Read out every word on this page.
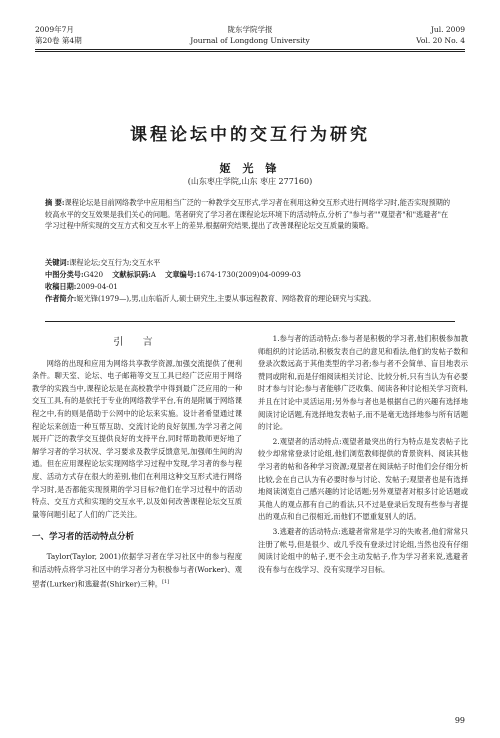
2009年7月
第20卷 第4期
陇东学院学报
Journal of Longdong University
Jul. 2009
Vol. 20 No. 4
课程论坛中的交互行为研究
姬 光 锋
(山东枣庄学院,山东 枣庄 277160)
摘 要:课程论坛是目前网络教学中应用相当广泛的一种教学交互形式,学习者在利用这种交互形式进行网络学习时,能否实现预期的较高水平的交互效果是我们关心的问题。笔者研究了学习者在课程论坛环境下的活动特点,分析了"参与者""观望者"和"逃避者"在学习过程中所实现的交互方式和交互水平上的差异,根据研究结果,提出了改善课程论坛交互质量的策略。
关键词:课程论坛;交互行为;交互水平
中图分类号:G420 文献标识码:A 文章编号:1674-1730(2009)04-0099-03
收稿日期:2009-04-01
作者简介:姬光锋(1979—),男,山东临沂人,硕士研究生,主要从事远程教育、网络教育的理论研究与实践。
引 言

网络的出现和应用为网络共享教学资源,加强交流提供了便利条件。聊天室、论坛、电子邮箱等交互工具已经广泛应用于网络教学的实践当中,课程论坛是在高校教学中得到最广泛应用的一种交互工具,有的是依托于专业的网络教学平台,有的是附属于网络课程之中,有的则是借助于公网中的论坛来实施。设计者希望通过课程论坛来创造一种互帮互助、交流讨论的良好氛围,为学习者之间展开广泛的教学交互提供良好的支持平台,同时帮助教师更好地了解学习者的学习状况、学习要求及教学反馈意见,加强师生间的沟通。但在应用课程论坛实现网络学习过程中发现,学习者的参与程度、活动方式存在很大的差别,他们在利用这种交互形式进行网络学习时,是否都能实现预期的学习目标?他们在学习过程中的活动特点、交互方式和实现的交互水平,以及如何改善课程论坛交互质量等问题引起了人们的广泛关注。

一、学习者的活动特点分析

Taylor(Taylor, 2001)依据学习者在学习社区中的参与程度和活动特点将学习社区中的学习者分为积极参与者(Worker)、观望者(Lurker)和逃避者(Shirker)三种。[1]

1.参与者的活动特点:参与者是积极的学习者,他们积极参加教师组织的讨论活动,积极发表自己的意见和看法,他们的发帖子数和登录次数远高于其他类型的学习者;参与者不会简单、盲目地表示赞同或附和,而是仔细阅读相关讨论、比较分析,只有当认为有必要时才参与讨论;参与者能够广泛收集、阅读各种讨论相关学习资料,并且在讨论中灵活运用;另外参与者也是根据自己的兴趣有选择地阅读讨论话题,有选择地发表帖子,而不是毫无选择地参与所有话题的讨论。

2.观望者的活动特点:观望者最突出的行为特点是发表帖子比较少却常常登录讨论组,他们浏览教师提供的背景资料、阅读其他学习者的帖和各种学习资源;观望者在阅读帖子时他们会仔细分析比较,会在自己认为有必要时参与讨论、发帖子;观望者也是有选择地阅读浏览自己感兴趣的讨论话题;另外观望者对根多讨论话题或其他人的观点都有自己的看法,只不过是登录后发现有些参与者提出的观点和自己很相近,而他们不愿重复别人的话。

3.逃避者的活动特点:逃避者常常是学习的失败者,他们常常只注册了帐号,但是很少、或几乎没有登录过讨论组,当然也没有仔细阅读讨论组中的帖子,更不会主动发帖子,作为学习者来说,逃避者没有参与在线学习、没有实现学习目标。

99
